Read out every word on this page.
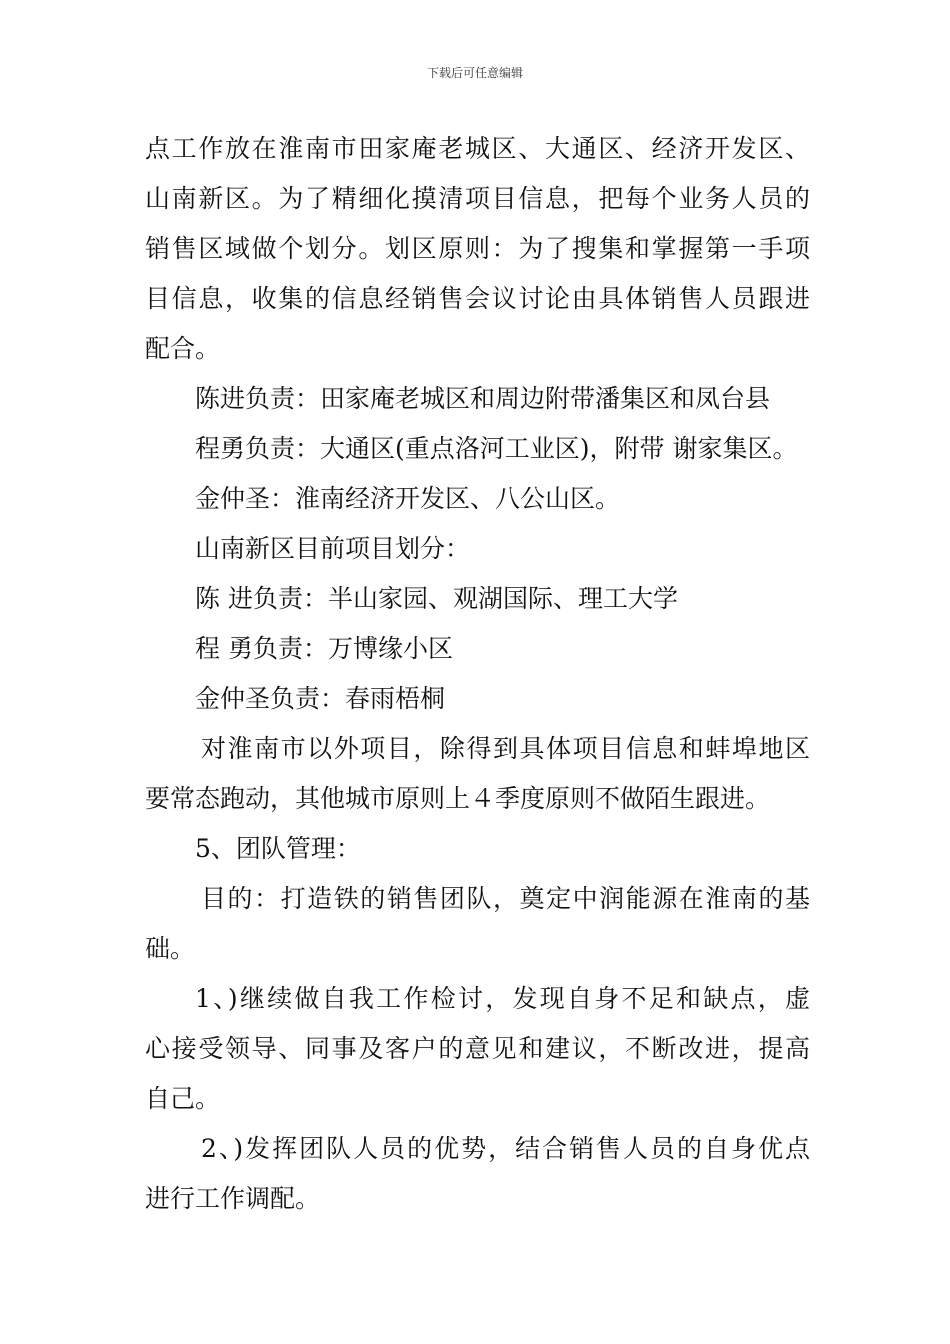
下载后可任意编辑
点工作放在淮南市田家庵老城区、大通区、经济开发区、
山南新区。为了精细化摸清项目信息，把每个业务人员的
销售区域做个划分。划区原则：为了搜集和掌握第一手项
目信息，收集的信息经销售会议讨论由具体销售人员跟进
配合。
陈进负责：田家庵老城区和周边附带潘集区和凤台县
程勇负责：大通区(重点洛河工业区)，附带 谢家集区。
金仲圣：淮南经济开发区、八公山区。
山南新区目前项目划分：
陈 进负责：半山家园、观湖国际、理工大学
程 勇负责：万博缘小区
金仲圣负责：春雨梧桐
对淮南市以外项目，除得到具体项目信息和蚌埠地区
要常态跑动，其他城市原则上４季度原则不做陌生跟进。
5、团队管理：
目的：打造铁的销售团队，奠定中润能源在淮南的基
础。
1、)继续做自我工作检讨，发现自身不足和缺点，虚
心接受领导、同事及客户的意见和建议，不断改进，提高
自己。
2、)发挥团队人员的优势，结合销售人员的自身优点
进行工作调配。
